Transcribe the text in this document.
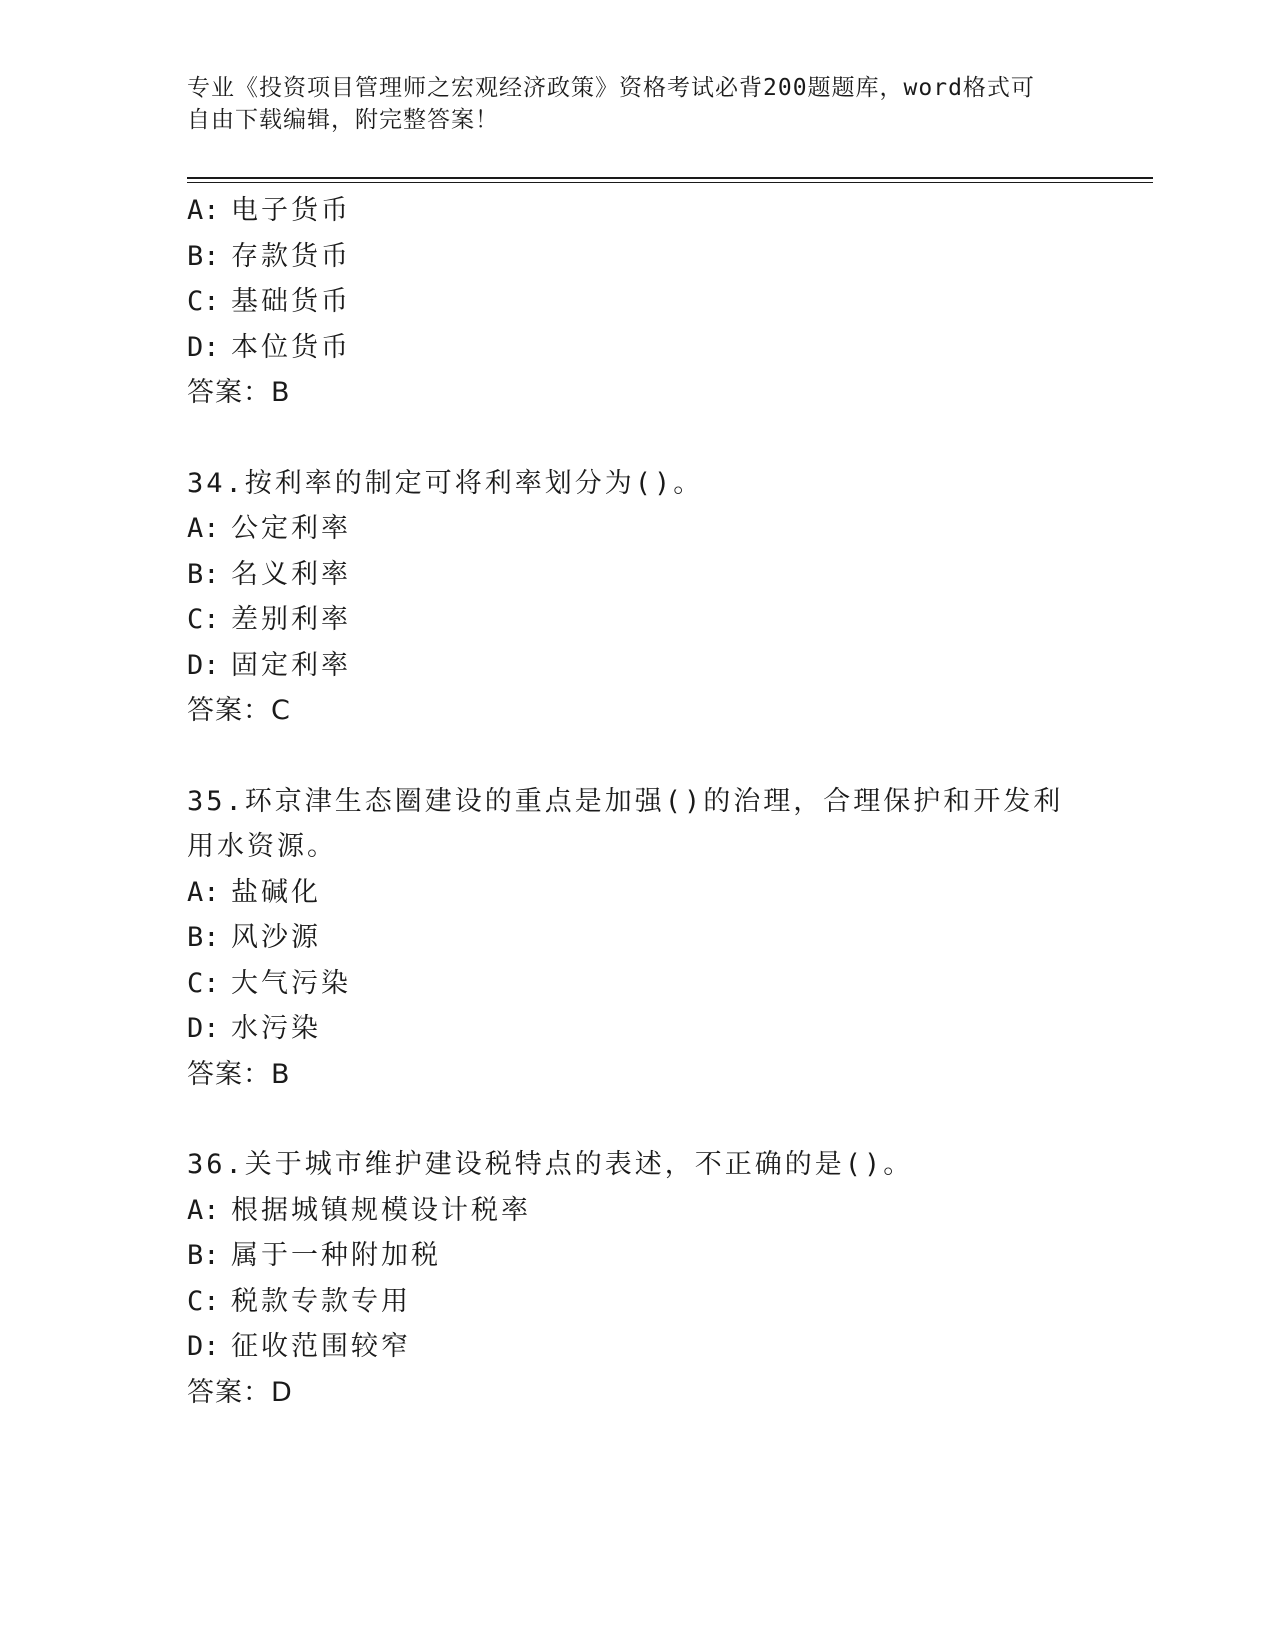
专业《投资项目管理师之宏观经济政策》资格考试必背200题题库，word格式可
自由下载编辑，附完整答案！
A: 电子货币
B: 存款货币
C: 基础货币
D: 本位货币
答案：B
34.按利率的制定可将利率划分为()。
A: 公定利率
B: 名义利率
C: 差别利率
D: 固定利率
答案：C
35.环京津生态圈建设的重点是加强()的治理，合理保护和开发利用水资源。
A: 盐碱化
B: 风沙源
C: 大气污染
D: 水污染
答案：B
36.关于城市维护建设税特点的表述，不正确的是()。
A: 根据城镇规模设计税率
B: 属于一种附加税
C: 税款专款专用
D: 征收范围较窄
答案：D
